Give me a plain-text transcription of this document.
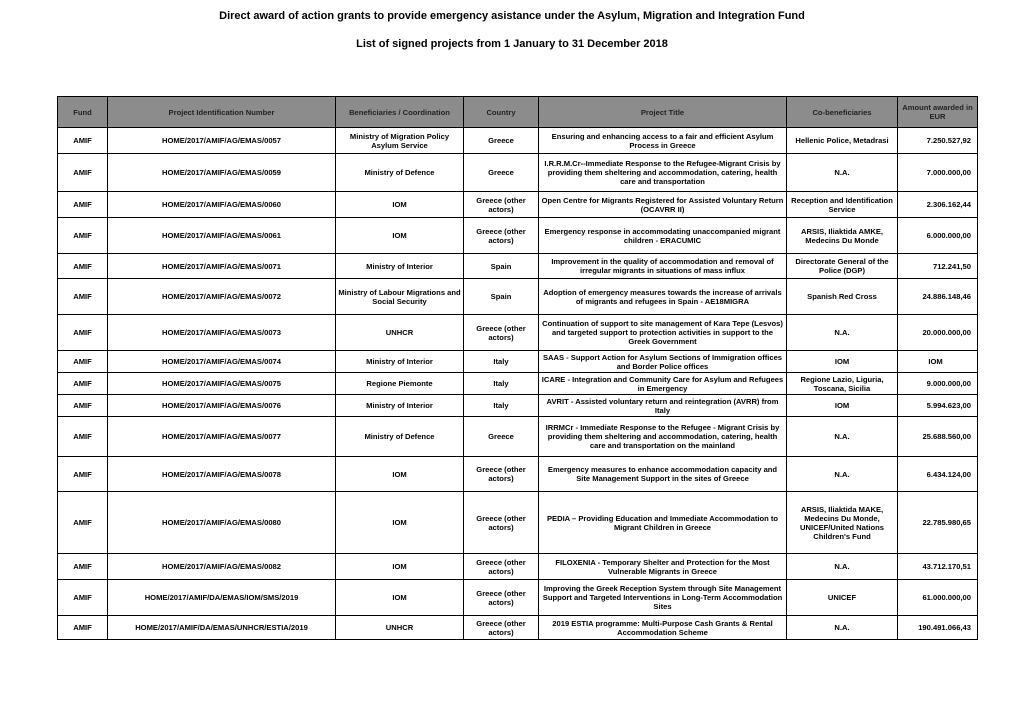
Direct award of action grants to provide emergency asistance under the Asylum, Migration and Integration Fund
List of signed projects from 1 January to 31 December 2018
Fund	Project Identification Number	Beneficiaries / Coordination	Country	Project Title	Co-beneficiaries	Amount awarded in EUR
AMIF	HOME/2017/AMIF/AG/EMAS/0057	Ministry of Migration Policy Asylum Service	Greece	Ensuring and enhancing access to a fair and efficient Asylum Process in Greece	Hellenic Police, Metadrasi	7.250.527,92
AMIF	HOME/2017/AMIF/AG/EMAS/0059	Ministry of Defence	Greece	I.R.R.M.Cr--Immediate Response to the Refugee-Migrant Crisis by providing them sheltering and accommodation, catering, health care and transportation	N.A.	7.000.000,00
AMIF	HOME/2017/AMIF/AG/EMAS/0060	IOM	Greece (other actors)	Open Centre for Migrants Registered for Assisted Voluntary Return (OCAVRR II)	Reception and Identification Service	2.306.162,44
AMIF	HOME/2017/AMIF/AG/EMAS/0061	IOM	Greece (other actors)	Emergency response in accommodating unaccompanied migrant children - ERACUMIC	ARSIS, Iliaktida AMKE, Medecins Du Monde	6.000.000,00
AMIF	HOME/2017/AMIF/AG/EMAS/0071	Ministry of Interior	Spain	Improvement in the quality of accommodation and removal of irregular migrants in situations of mass influx	Directorate General of the Police (DGP)	712.241,50
AMIF	HOME/2017/AMIF/AG/EMAS/0072	Ministry of Labour Migrations and Social Security	Spain	Adoption of emergency measures towards the increase of arrivals of migrants and refugees in Spain - AE18MIGRA	Spanish Red Cross	24.886.148,46
AMIF	HOME/2017/AMIF/AG/EMAS/0073	UNHCR	Greece (other actors)	Continuation of support to site management of Kara Tepe (Lesvos) and targeted support to protection activities in support to the Greek Government	N.A.	20.000.000,00
AMIF	HOME/2017/AMIF/AG/EMAS/0074	Ministry of Interior	Italy	SAAS - Support Action for Asylum Sections of Immigration offices and Border Police offices	IOM	IOM
AMIF	HOME/2017/AMIF/AG/EMAS/0075	Regione Piemonte	Italy	ICARE - Integration and Community Care for Asylum and Refugees in Emergency	Regione Lazio, Liguria, Toscana, Sicilia	9.000.000,00
AMIF	HOME/2017/AMIF/AG/EMAS/0076	Ministry of Interior	Italy	AVRIT - Assisted voluntary return and reintegration (AVRR) from Italy	IOM	5.994.623,00
AMIF	HOME/2017/AMIF/AG/EMAS/0077	Ministry of Defence	Greece	IRRMCr - Immediate Response to the Refugee - Migrant Crisis by providing them sheltering and accommodation, catering, health care and transportation on the mainland	N.A.	25.688.560,00
AMIF	HOME/2017/AMIF/AG/EMAS/0078	IOM	Greece (other actors)	Emergency measures to enhance accommodation capacity and Site Management Support in the sites of Greece	N.A.	6.434.124,00
AMIF	HOME/2017/AMIF/AG/EMAS/0080	IOM	Greece (other actors)	PEDIA – Providing Education and Immediate Accommodation to Migrant Children in Greece	ARSIS, Iliaktida MAKE, Medecins Du Monde, UNICEF/United Nations Children's Fund	22.785.980,65
AMIF	HOME/2017/AMIF/AG/EMAS/0082	IOM	Greece (other actors)	FILOXENIA - Temporary Shelter and Protection for the Most Vulnerable Migrants in Greece	N.A.	43.712.170,51
AMIF	HOME/2017/AMIF/DA/EMAS/IOM/SMS/2019	IOM	Greece (other actors)	Improving the Greek Reception System through Site Management Support and Targeted Interventions in Long-Term Accommodation Sites	UNICEF	61.000.000,00
AMIF	HOME/2017/AMIF/DA/EMAS/UNHCR/ESTIA/2019	UNHCR	Greece (other actors)	2019 ESTIA programme: Multi-Purpose Cash Grants & Rental Accommodation Scheme	N.A.	190.491.066,43
